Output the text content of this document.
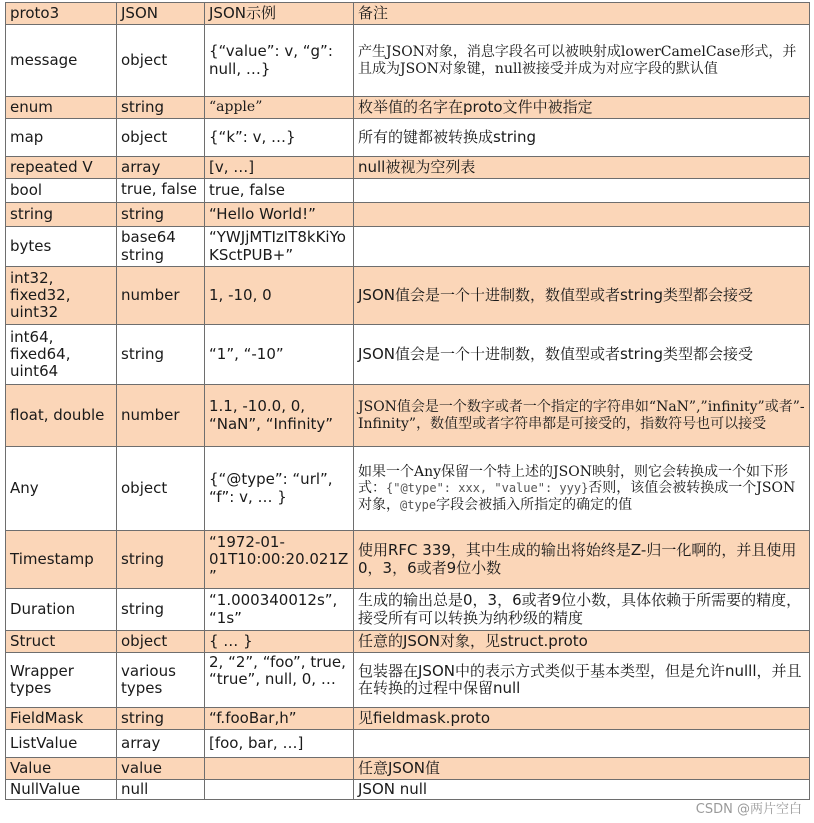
proto3	JSON	JSON示例	备注
message	object	{“value”: v, “g”: null, …}	产生JSON对象，消息字段名可以被映射成lowerCamelCase形式，并且成为JSON对象键，null被接受并成为对应字段的默认值
enum	string	“apple”	枚举值的名字在proto文件中被指定
map	object	{“k”: v, …}	所有的键都被转换成string
repeated V	array	[v, …]	null被视为空列表
bool	true, false	true, false	
string	string	“Hello World!”	
bytes	base64 string	“YWJjMTIzIT8kKiYoKSctPUB+”	
int32, fixed32, uint32	number	1, -10, 0	JSON值会是一个十进制数，数值型或者string类型都会接受
int64, fixed64, uint64	string	“1”, “-10”	JSON值会是一个十进制数，数值型或者string类型都会接受
float, double	number	1.1, -10.0, 0, “NaN”, “Infinity”	JSON值会是一个数字或者一个指定的字符串如“NaN”,”infinity”或者”-Infinity”，数值型或者字符串都是可接受的，指数符号也可以接受
Any	object	{“@type”: “url”, “f”: v, … }	如果一个Any保留一个特上述的JSON映射，则它会转换成一个如下形式：{"@type": xxx, "value": yyy}否则，该值会被转换成一个JSON对象，@type字段会被插入所指定的确定的值
Timestamp	string	“1972-01-01T10:00:20.021Z”	使用RFC 339，其中生成的输出将始终是Z-归一化啊的，并且使用0，3，6或者9位小数
Duration	string	“1.000340012s”, “1s”	生成的输出总是0，3，6或者9位小数，具体依赖于所需要的精度，接受所有可以转换为纳秒级的精度
Struct	object	{ … }	任意的JSON对象，见struct.proto
Wrapper types	various types	2, “2”, “foo”, true, “true”, null, 0, …	包装器在JSON中的表示方式类似于基本类型，但是允许nulll，并且在转换的过程中保留null
FieldMask	string	“f.fooBar,h”	见fieldmask.proto
ListValue	array	[foo, bar, …]	
Value	value		任意JSON值
NullValue	null		JSON null
CSDN @两片空白
